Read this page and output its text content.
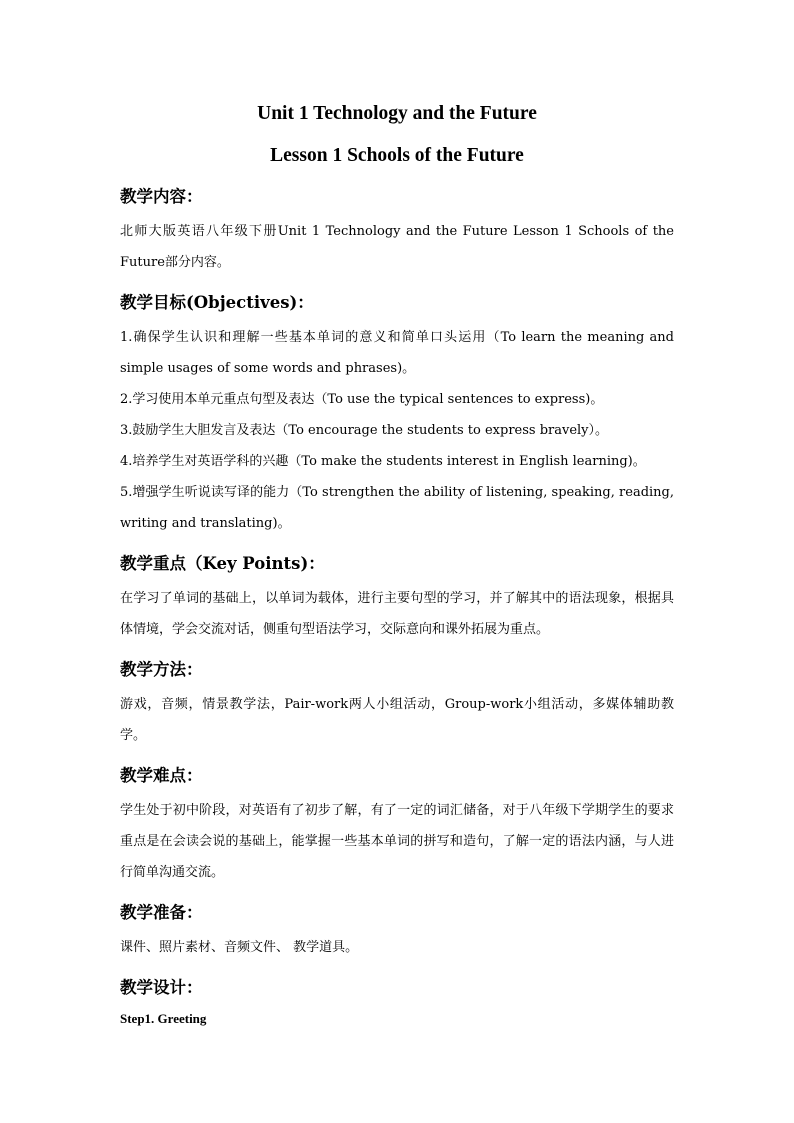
Unit 1 Technology and the Future
Lesson 1 Schools of the Future
教学内容：

北师大版英语八年级下册Unit 1 Technology and the Future Lesson 1 Schools of the Future部分内容。

教学目标(Objectives)：

1.确保学生认识和理解一些基本单词的意义和简单口头运用（To learn the meaning and simple usages of some words and phrases)。

2.学习使用本单元重点句型及表达（To use the typical sentences to express)。

3.鼓励学生大胆发言及表达（To encourage the students to express bravely）。

4.培养学生对英语学科的兴趣（To make the students interest in English learning)。

5.增强学生听说读写译的能力（To strengthen the ability of listening, speaking, reading, writing and translating)。

教学重点（Key Points)：

在学习了单词的基础上，以单词为载体，进行主要句型的学习，并了解其中的语法现象，根据具体情境，学会交流对话，侧重句型语法学习，交际意向和课外拓展为重点。

教学方法：

游戏，音频，情景教学法，Pair-work两人小组活动，Group-work小组活动，多媒体辅助教学。

教学难点：

学生处于初中阶段，对英语有了初步了解，有了一定的词汇储备，对于八年级下学期学生的要求重点是在会读会说的基础上，能掌握一些基本单词的拼写和造句，了解一定的语法内涵，与人进行简单沟通交流。

教学准备：

课件、照片素材、音频文件、 教学道具。

教学设计：

Step1. Greeting
